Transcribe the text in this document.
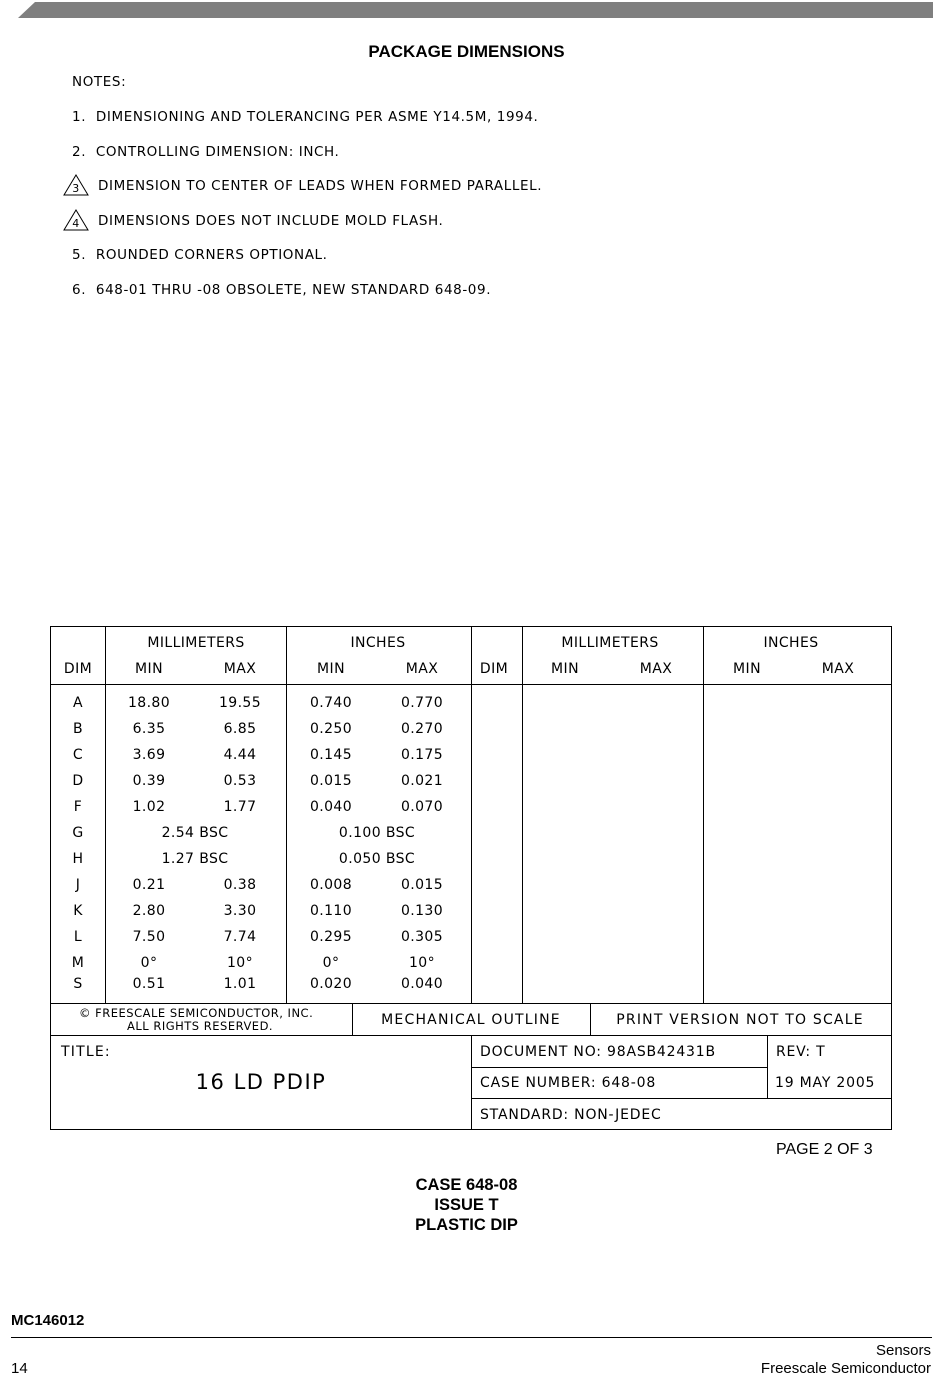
PACKAGE DIMENSIONS
NOTES:
1. DIMENSIONING AND TOLERANCING PER ASME Y14.5M, 1994.
2. CONTROLLING DIMENSION: INCH.
3 DIMENSION TO CENTER OF LEADS WHEN FORMED PARALLEL.
4 DIMENSIONS DOES NOT INCLUDE MOLD FLASH.
5. ROUNDED CORNERS OPTIONAL.
6. 648-01 THRU -08 OBSOLETE, NEW STANDARD 648-09.
MILLIMETERS	INCHES
DIM	MIN	MAX	MIN	MAX
MILLIMETERS	INCHES
DIM	MIN	MAX	MIN	MAX
A	18.80	19.55	0.740	0.770
B	6.35	6.85	0.250	0.270
C	3.69	4.44	0.145	0.175
D	0.39	0.53	0.015	0.021
F	1.02	1.77	0.040	0.070
G	2.54 BSC	0.100 BSC
H	1.27 BSC	0.050 BSC
J	0.21	0.38	0.008	0.015
K	2.80	3.30	0.110	0.130
L	7.50	7.74	0.295	0.305
M	0°	10°	0°	10°
S	0.51	1.01	0.020	0.040
© FREESCALE SEMICONDUCTOR, INC.
ALL RIGHTS RESERVED.	MECHANICAL OUTLINE	PRINT VERSION NOT TO SCALE
TITLE:
16 LD PDIP
DOCUMENT NO: 98ASB42431B	REV: T
CASE NUMBER: 648-08	19 MAY 2005
STANDARD: NON-JEDEC
PAGE 2 OF 3
CASE 648-08
ISSUE T
PLASTIC DIP
MC146012
Sensors
Freescale Semiconductor
14
